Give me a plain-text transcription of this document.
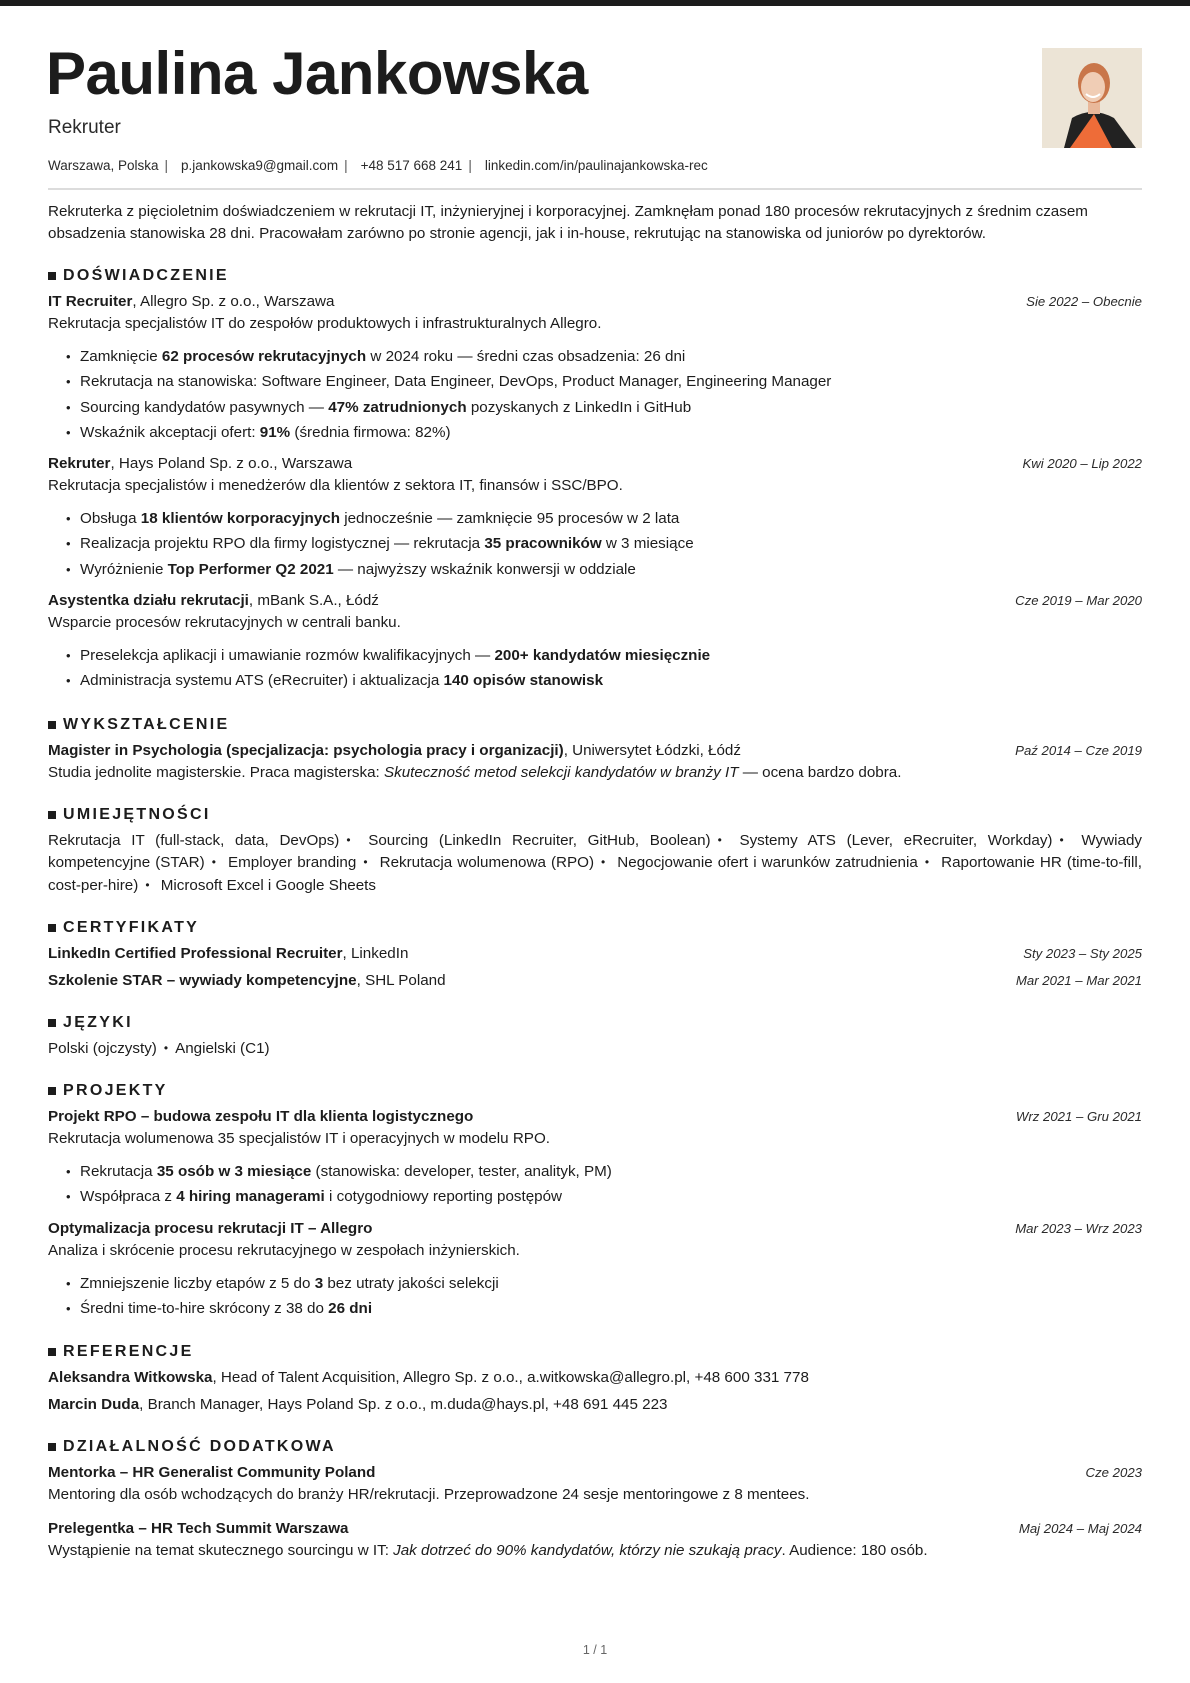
Paulina Jankowska
Rekruter
Warszawa, Polska | p.jankowska9@gmail.com | +48 517 668 241 | linkedin.com/in/paulinajankowska-rec

Rekruterka z pięcioletnim doświadczeniem w rekrutacji IT, inżynieryjnej i korporacyjnej. Zamknęłam ponad 180 procesów rekrutacyjnych z średnim czasem obsadzenia stanowiska 28 dni. Pracowałam zarówno po stronie agencji, jak i in-house, rekrutując na stanowiska od juniorów po dyrektorów.

DOŚWIADCZENIE
IT Recruiter, Allegro Sp. z o.o., Warszawa	Sie 2022 – Obecnie
Rekrutacja specjalistów IT do zespołów produktowych i infrastrukturalnych Allegro.
• Zamknięcie 62 procesów rekrutacyjnych w 2024 roku — średni czas obsadzenia: 26 dni
• Rekrutacja na stanowiska: Software Engineer, Data Engineer, DevOps, Product Manager, Engineering Manager
• Sourcing kandydatów pasywnych — 47% zatrudnionych pozyskanych z LinkedIn i GitHub
• Wskaźnik akceptacji ofert: 91% (średnia firmowa: 82%)
Rekruter, Hays Poland Sp. z o.o., Warszawa	Kwi 2020 – Lip 2022
Rekrutacja specjalistów i menedżerów dla klientów z sektora IT, finansów i SSC/BPO.
• Obsługa 18 klientów korporacyjnych jednocześnie — zamknięcie 95 procesów w 2 lata
• Realizacja projektu RPO dla firmy logistycznej — rekrutacja 35 pracowników w 3 miesiące
• Wyróżnienie Top Performer Q2 2021 — najwyższy wskaźnik konwersji w oddziale
Asystentka działu rekrutacji, mBank S.A., Łódź	Cze 2019 – Mar 2020
Wsparcie procesów rekrutacyjnych w centrali banku.
• Preselekcja aplikacji i umawianie rozmów kwalifikacyjnych — 200+ kandydatów miesięcznie
• Administracja systemu ATS (eRecruiter) i aktualizacja 140 opisów stanowisk
WYKSZTAŁCENIE
Magister in Psychologia (specjalizacja: psychologia pracy i organizacji), Uniwersytet Łódzki, Łódź	Paź 2014 – Cze 2019
Studia jednolite magisterskie. Praca magisterska: Skuteczność metod selekcji kandydatów w branży IT — ocena bardzo dobra.
UMIEJĘTNOŚCI
Rekrutacja IT (full-stack, data, DevOps) • Sourcing (LinkedIn Recruiter, GitHub, Boolean) • Systemy ATS (Lever, eRecruiter, Workday) • Wywiady kompetencyjne (STAR) • Employer branding • Rekrutacja wolumenowa (RPO) • Negocjowanie ofert i warunków zatrudnienia • Raportowanie HR (time-to-fill, cost-per-hire) • Microsoft Excel i Google Sheets
CERTYFIKATY
LinkedIn Certified Professional Recruiter, LinkedIn	Sty 2023 – Sty 2025
Szkolenie STAR – wywiady kompetencyjne, SHL Poland	Mar 2021 – Mar 2021
JĘZYKI
Polski (ojczysty) • Angielski (C1)
PROJEKTY
Projekt RPO – budowa zespołu IT dla klienta logistycznego	Wrz 2021 – Gru 2021
Rekrutacja wolumenowa 35 specjalistów IT i operacyjnych w modelu RPO.
• Rekrutacja 35 osób w 3 miesiące (stanowiska: developer, tester, analityk, PM)
• Współpraca z 4 hiring managerami i cotygodniowy reporting postępów
Optymalizacja procesu rekrutacji IT – Allegro	Mar 2023 – Wrz 2023
Analiza i skrócenie procesu rekrutacyjnego w zespołach inżynierskich.
• Zmniejszenie liczby etapów z 5 do 3 bez utraty jakości selekcji
• Średni time-to-hire skrócony z 38 do 26 dni
REFERENCJE
Aleksandra Witkowska, Head of Talent Acquisition, Allegro Sp. z o.o., a.witkowska@allegro.pl, +48 600 331 778
Marcin Duda, Branch Manager, Hays Poland Sp. z o.o., m.duda@hays.pl, +48 691 445 223
DZIAŁALNOŚĆ DODATKOWA
Mentorka – HR Generalist Community Poland	Cze 2023
Mentoring dla osób wchodzących do branży HR/rekrutacji. Przeprowadzone 24 sesje mentoringowe z 8 mentees.
Prelegentka – HR Tech Summit Warszawa	Maj 2024 – Maj 2024
Wystąpienie na temat skutecznego sourcingu w IT: Jak dotrzeć do 90% kandydatów, którzy nie szukają pracy. Audience: 180 osób.
1 / 1
